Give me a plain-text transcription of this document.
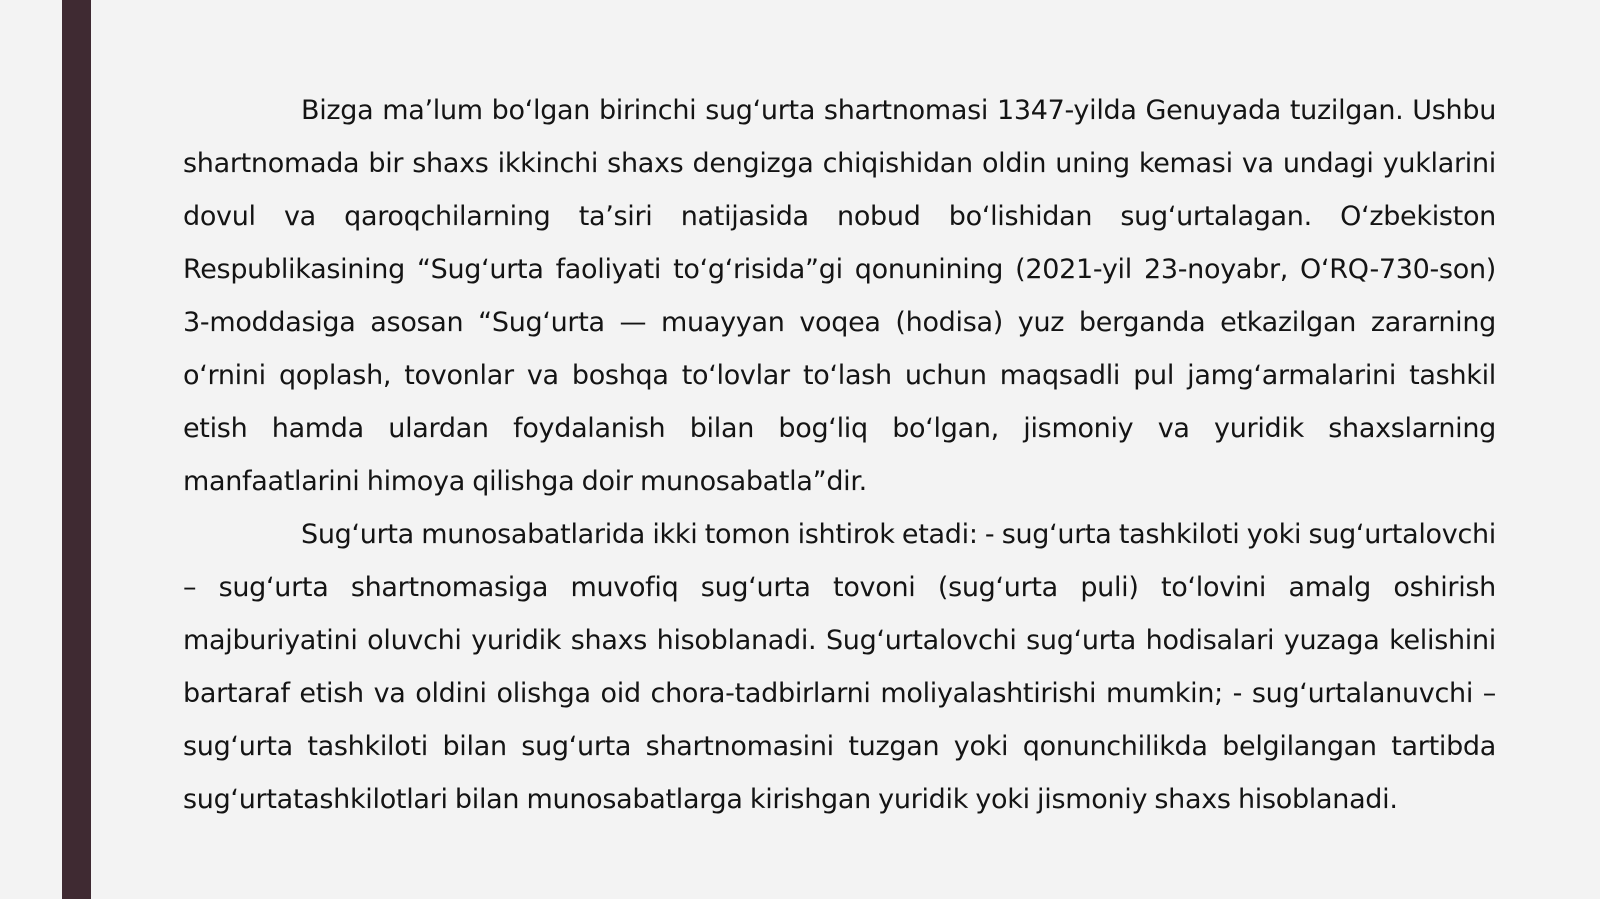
Bizga maʼlum boʻlgan birinchi sugʻurta shartnomasi 1347-yilda Genuyada tuzilgan. Ushbu shartnomada bir shaxs ikkinchi shaxs dengizga chiqishidan oldin uning kemasi va undagi yuklarini dovul va qaroqchilarning taʼsiri natijasida nobud boʻlishidan sugʻurtalagan. Oʻzbekiston Respublikasining “Sugʻurta faoliyati toʻgʻrisida”gi qonunining (2021-yil 23-noyabr, OʻRQ-730-son) 3-moddasiga asosan “Sugʻurta — muayyan voqea (hodisa) yuz berganda etkazilgan zararning oʻrnini qoplash, tovonlar va boshqa toʻlovlar toʻlash uchun maqsadli pul jamgʻarmalarini tashkil etish hamda ulardan foydalanish bilan bogʻliq boʻlgan, jismoniy va yuridik shaxslarning manfaatlarini himoya qilishga doir munosabatla”dir.

Sugʻurta munosabatlarida ikki tomon ishtirok etadi: - sugʻurta tashkiloti yoki sugʻurtalovchi – sugʻurta shartnomasiga muvofiq sugʻurta tovoni (sugʻurta puli) toʻlovini amalg oshirish majburiyatini oluvchi yuridik shaxs hisoblanadi. Sugʻurtalovchi sugʻurta hodisalari yuzaga kelishini bartaraf etish va oldini olishga oid chora-tadbirlarni moliyalashtirishi mumkin; - sugʻurtalanuvchi – sugʻurta tashkiloti bilan sugʻurta shartnomasini tuzgan yoki qonunchilikda belgilangan tartibda sugʻurtatashkilotlari bilan munosabatlarga kirishgan yuridik yoki jismoniy shaxs hisoblanadi.
